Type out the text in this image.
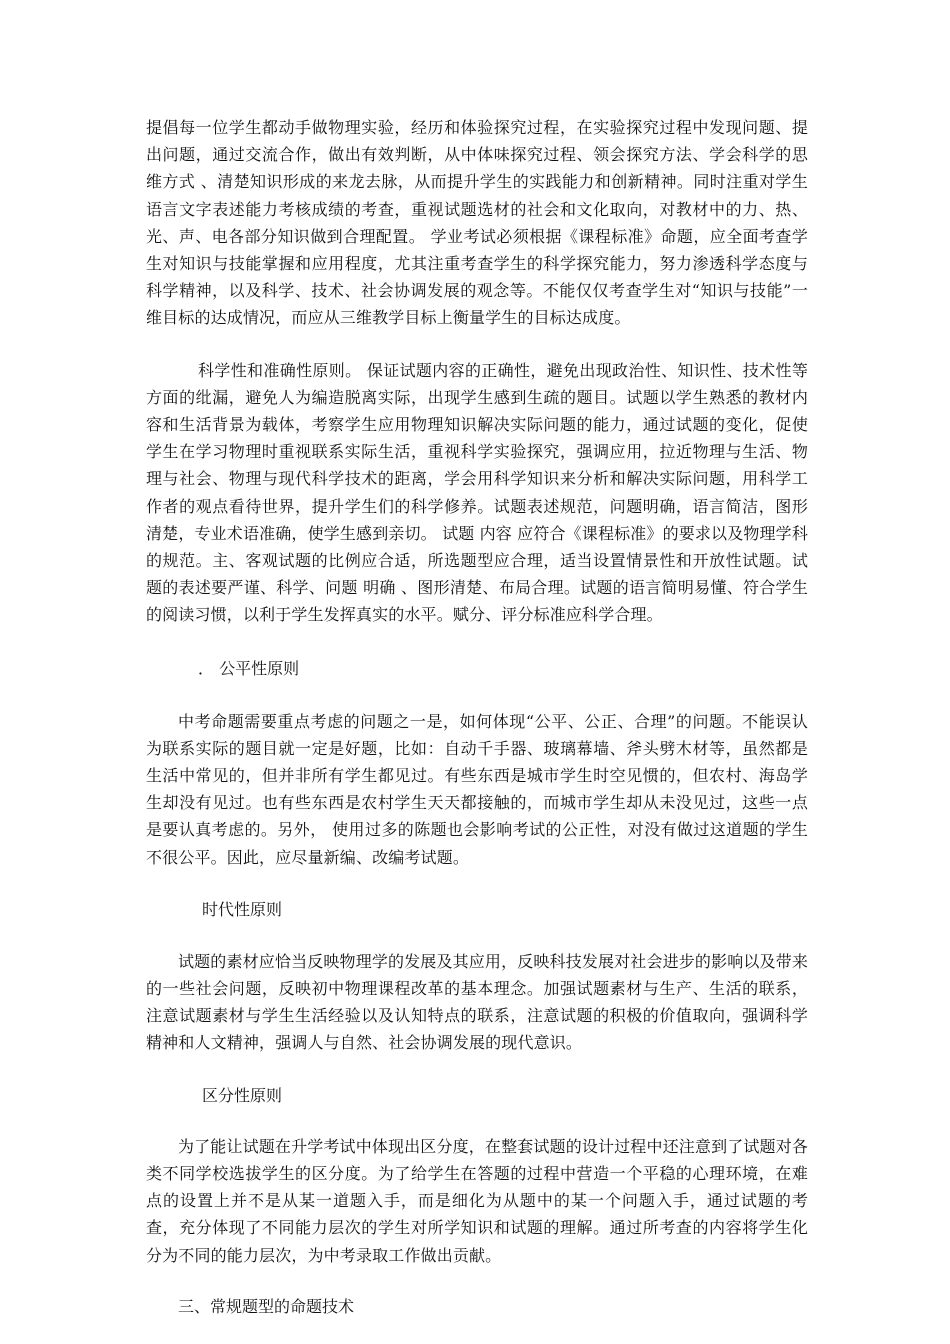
提倡每一位学生都动手做物理实验，经历和体验探究过程，在实验探究过程中发现问题、提出问题，通过交流合作，做出有效判断，从中体味探究过程、领会探究方法、学会科学的思维方式 、清楚知识形成的来龙去脉，从而提升学生的实践能力和创新精神。同时注重对学生语言文字表述能力考核成绩的考查，重视试题选材的社会和文化取向，对教材中的力、热、光、声、电各部分知识做到合理配置。 学业考试必须根据《课程标准》命题，应全面考查学生对知识与技能掌握和应用程度，尤其注重考查学生的科学探究能力，努力渗透科学态度与科学精神，以及科学、技术、社会协调发展的观念等。不能仅仅考查学生对“知识与技能”一维目标的达成情况，而应从三维教学目标上衡量学生的目标达成度。

科学性和准确性原则。 保证试题内容的正确性，避免出现政治性、知识性、技术性等方面的纰漏，避免人为编造脱离实际，出现学生感到生疏的题目。试题以学生熟悉的教材内容和生活背景为载体，考察学生应用物理知识解决实际问题的能力，通过试题的变化，促使学生在学习物理时重视联系实际生活，重视科学实验探究，强调应用，拉近物理与生活、物理与社会、物理与现代科学技术的距离，学会用科学知识来分析和解决实际问题，用科学工作者的观点看待世界，提升学生们的科学修养。试题表述规范，问题明确，语言简洁，图形清楚，专业术语准确，使学生感到亲切。 试题 内容 应符合《课程标准》的要求以及物理学科的规范。主、客观试题的比例应合适，所选题型应合理，适当设置情景性和开放性试题。试题的表述要严谨、科学、问题 明确 、图形清楚、布局合理。试题的语言简明易懂、符合学生的阅读习惯，以利于学生发挥真实的水平。赋分、评分标准应科学合理。

． 公平性原则

中考命题需要重点考虑的问题之一是，如何体现“公平、公正、合理”的问题。不能误认为联系实际的题目就一定是好题，比如：自动千手器、玻璃幕墙、斧头劈木材等，虽然都是生活中常见的，但并非所有学生都见过。有些东西是城市学生时空见惯的，但农村、海岛学生却没有见过。也有些东西是农村学生天天都接触的，而城市学生却从未没见过，这些一点是要认真考虑的。另外， 使用过多的陈题也会影响考试的公正性，对没有做过这道题的学生不很公平。因此，应尽量新编、改编考试题。

时代性原则

试题的素材应恰当反映物理学的发展及其应用，反映科技发展对社会进步的影响以及带来的一些社会问题，反映初中物理课程改革的基本理念。加强试题素材与生产、生活的联系，注意试题素材与学生生活经验以及认知特点的联系，注意试题的积极的价值取向，强调科学精神和人文精神，强调人与自然、社会协调发展的现代意识。

区分性原则

为了能让试题在升学考试中体现出区分度，在整套试题的设计过程中还注意到了试题对各类不同学校选拔学生的区分度。为了给学生在答题的过程中营造一个平稳的心理环境，在难点的设置上并不是从某一道题入手，而是细化为从题中的某一个问题入手，通过试题的考查，充分体现了不同能力层次的学生对所学知识和试题的理解。通过所考查的内容将学生化分为不同的能力层次，为中考录取工作做出贡献。

三、常规题型的命题技术
